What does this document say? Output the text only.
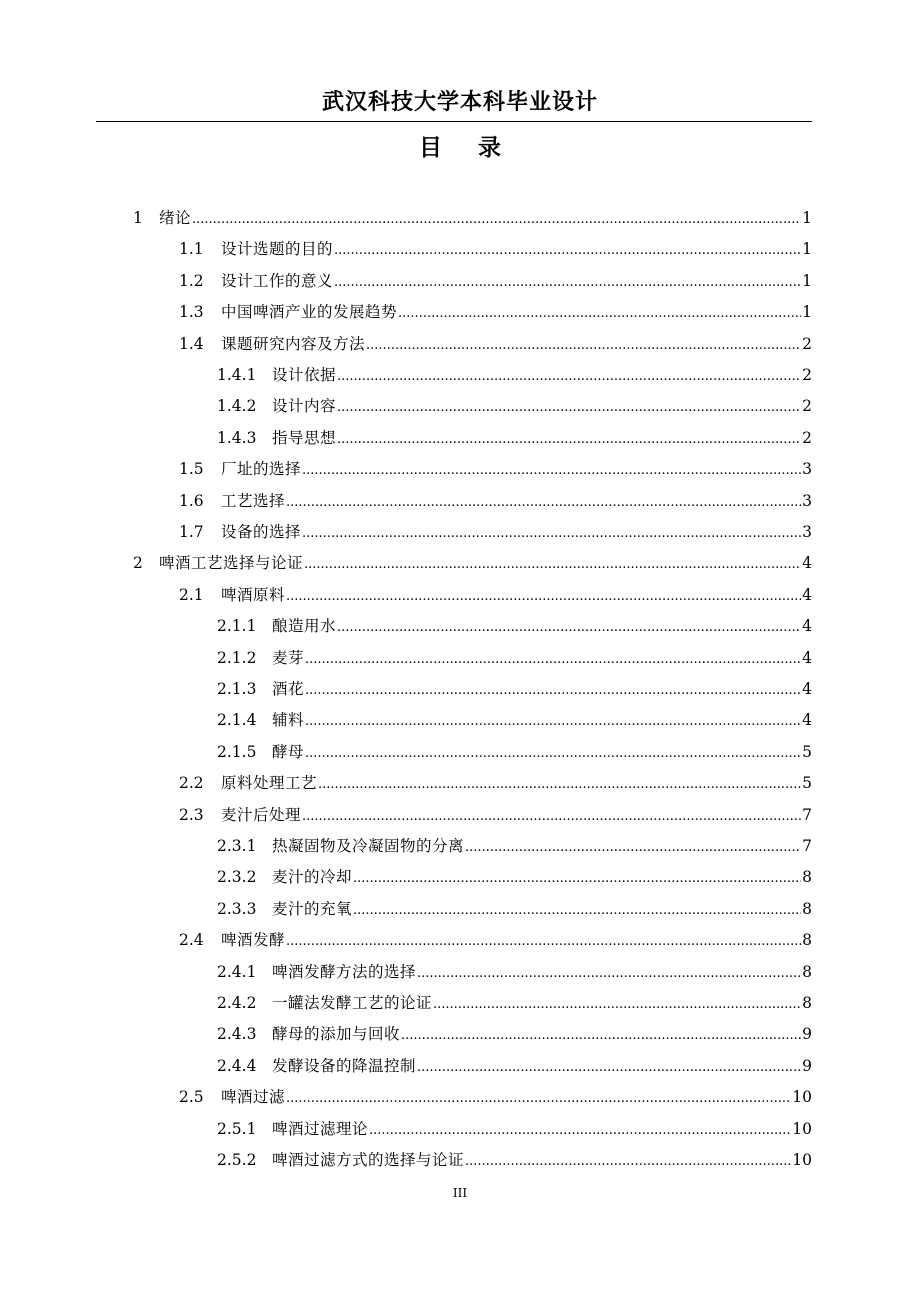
武汉科技大学本科毕业设计
目 录
1	绪论 .....	1
1.1	设计选题的目的 .....	1
1.2	设计工作的意义 .....	1
1.3	中国啤酒产业的发展趋势 .....	1
1.4	课题研究内容及方法 .....	2
1.4.1	设计依据 .....	2
1.4.2	设计内容 .....	2
1.4.3	指导思想 .....	2
1.5	厂址的选择 .....	3
1.6	工艺选择 .....	3
1.7	设备的选择 .....	3
2	啤酒工艺选择与论证 .....	4
2.1	啤酒原料 .....	4
2.1.1	酿造用水 .....	4
2.1.2	麦芽 .....	4
2.1.3	酒花 .....	4
2.1.4	辅料 .....	4
2.1.5	酵母 .....	5
2.2	原料处理工艺 .....	5
2.3	麦汁后处理 .....	7
2.3.1	热凝固物及冷凝固物的分离 .....	7
2.3.2	麦汁的冷却 .....	8
2.3.3	麦汁的充氧 .....	8
2.4	啤酒发酵 .....	8
2.4.1	啤酒发酵方法的选择 .....	8
2.4.2	一罐法发酵工艺的论证 .....	8
2.4.3	酵母的添加与回收 .....	9
2.4.4	发酵设备的降温控制 .....	9
2.5	啤酒过滤 .....	10
2.5.1	啤酒过滤理论 .....	10
2.5.2	啤酒过滤方式的选择与论证 .....	10
III
